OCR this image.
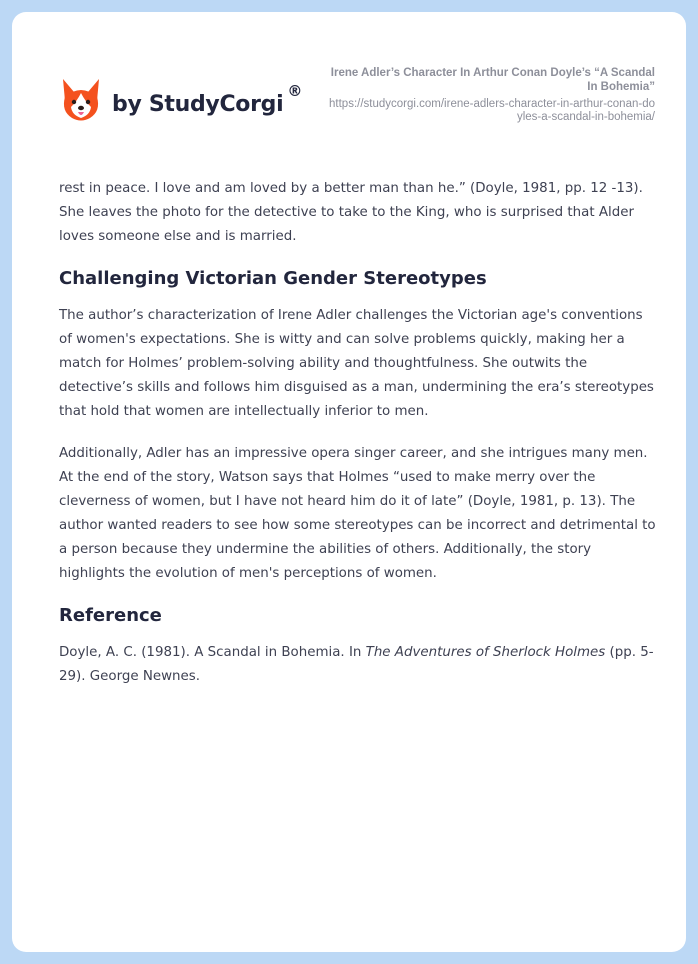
by StudyCorgi
®
Irene Adler’s Character In Arthur Conan Doyle’s “A Scandal In Bohemia”
https://studycorgi.com/irene-adlers-character-in-arthur-conan-doyles-a-scandal-in-bohemia/

rest in peace. I love and am loved by a better man than he.” (Doyle, 1981, pp. 12 -13). She leaves the photo for the detective to take to the King, who is surprised that Alder loves someone else and is married.

Challenging Victorian Gender Stereotypes

The author’s characterization of Irene Adler challenges the Victorian age's conventions of women's expectations. She is witty and can solve problems quickly, making her a match for Holmes’ problem-solving ability and thoughtfulness. She outwits the detective’s skills and follows him disguised as a man, undermining the era’s stereotypes that hold that women are intellectually inferior to men.

Additionally, Adler has an impressive opera singer career, and she intrigues many men. At the end of the story, Watson says that Holmes “used to make merry over the cleverness of women, but I have not heard him do it of late” (Doyle, 1981, p. 13). The author wanted readers to see how some stereotypes can be incorrect and detrimental to a person because they undermine the abilities of others. Additionally, the story highlights the evolution of men's perceptions of women.

Reference

Doyle, A. C. (1981). A Scandal in Bohemia. In The Adventures of Sherlock Holmes (pp. 5-29). George Newnes.
